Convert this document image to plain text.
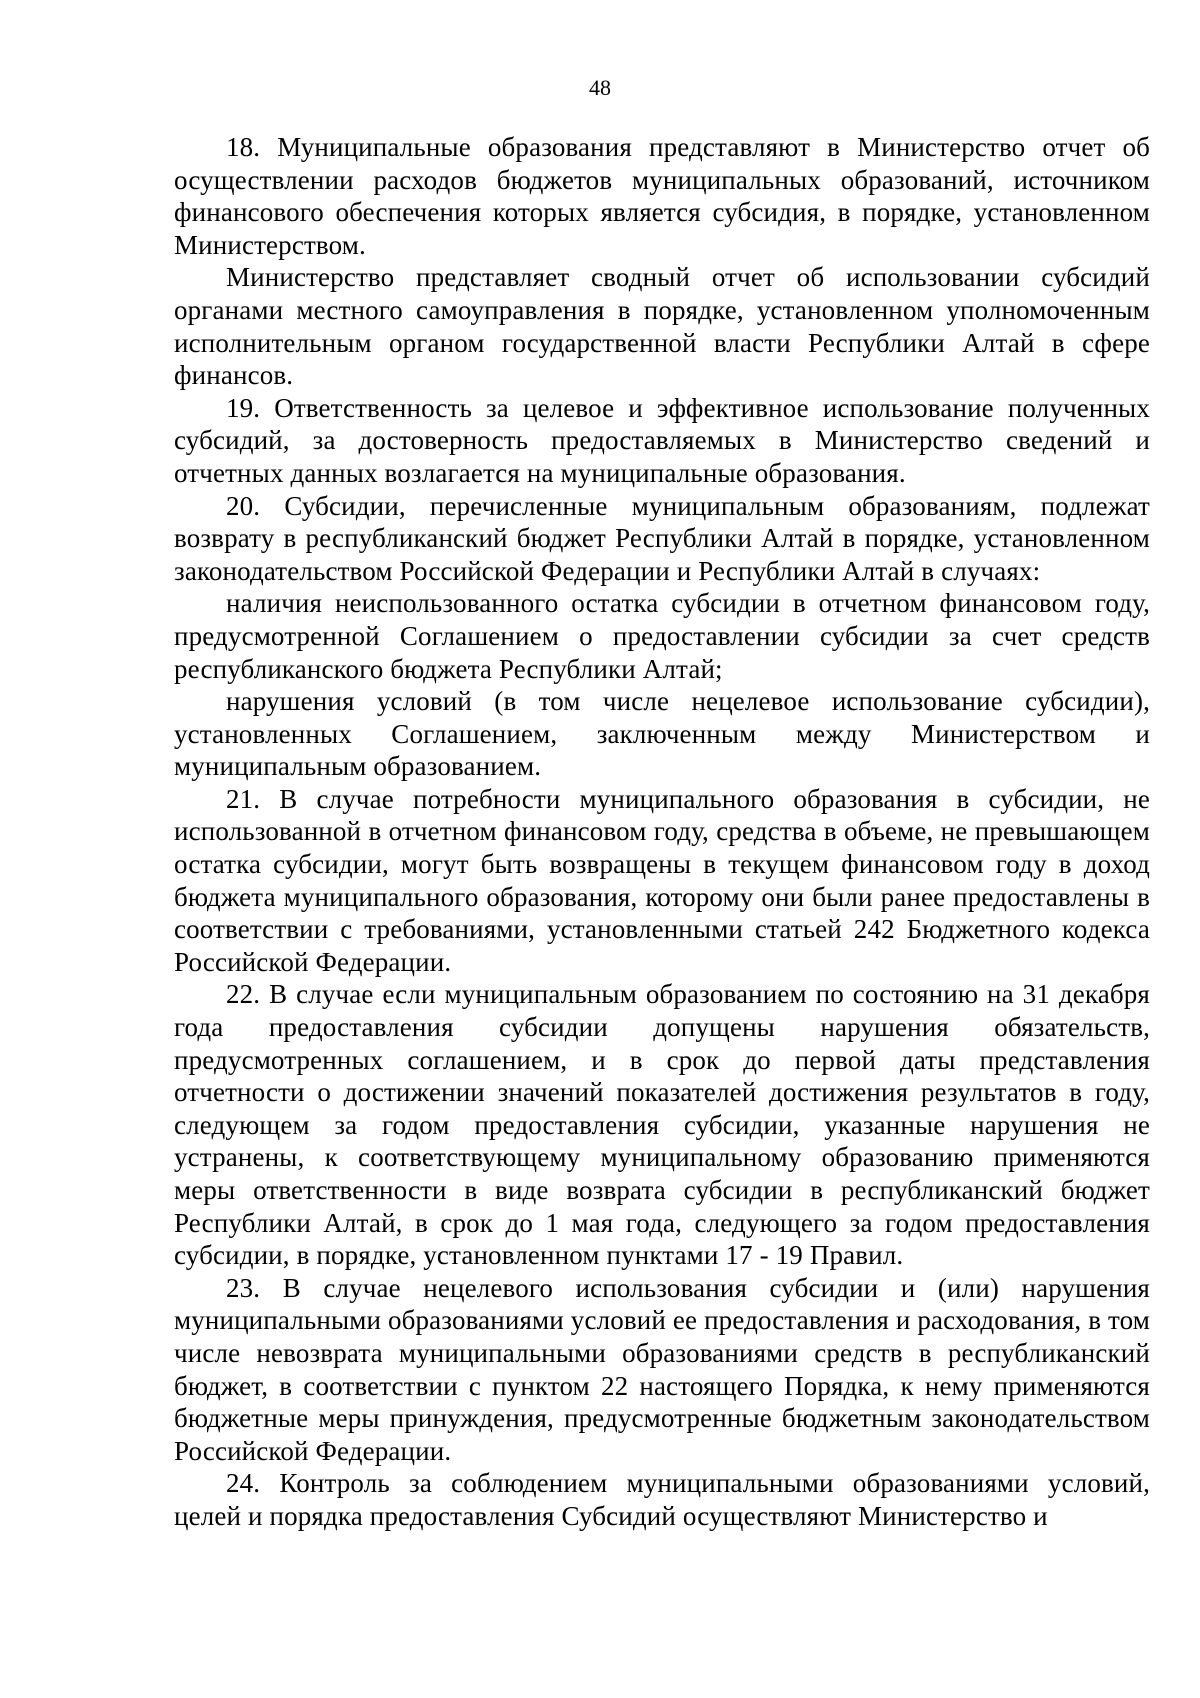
48

18. Муниципальные образования представляют в Министерство отчет об осуществлении расходов бюджетов муниципальных образований, источником финансового обеспечения которых является субсидия, в порядке, установленном Министерством.

Министерство представляет сводный отчет об использовании субсидий органами местного самоуправления в порядке, установленном уполномоченным исполнительным органом государственной власти Республики Алтай в сфере финансов.

19. Ответственность за целевое и эффективное использование полученных субсидий, за достоверность предоставляемых в Министерство сведений и отчетных данных возлагается на муниципальные образования.

20. Субсидии, перечисленные муниципальным образованиям, подлежат возврату в республиканский бюджет Республики Алтай в порядке, установленном законодательством Российской Федерации и Республики Алтай в случаях:

наличия неиспользованного остатка субсидии в отчетном финансовом году, предусмотренной Соглашением о предоставлении субсидии за счет средств республиканского бюджета Республики Алтай;

нарушения условий (в том числе нецелевое использование субсидии), установленных Соглашением, заключенным между Министерством и муниципальным образованием.

21. В случае потребности муниципального образования в субсидии, не использованной в отчетном финансовом году, средства в объеме, не превышающем остатка субсидии, могут быть возвращены в текущем финансовом году в доход бюджета муниципального образования, которому они были ранее предоставлены в соответствии с требованиями, установленными статьей 242 Бюджетного кодекса Российской Федерации.

22. В случае если муниципальным образованием по состоянию на 31 декабря года предоставления субсидии допущены нарушения обязательств, предусмотренных соглашением, и в срок до первой даты представления отчетности о достижении значений показателей достижения результатов в году, следующем за годом предоставления субсидии, указанные нарушения не устранены, к соответствующему муниципальному образованию применяются меры ответственности в виде возврата субсидии в республиканский бюджет Республики Алтай, в срок до 1 мая года, следующего за годом предоставления субсидии, в порядке, установленном пунктами 17 - 19 Правил.

23. В случае нецелевого использования субсидии и (или) нарушения муниципальными образованиями условий ее предоставления и расходования, в том числе невозврата муниципальными образованиями средств в республиканский бюджет, в соответствии с пунктом 22 настоящего Порядка, к нему применяются бюджетные меры принуждения, предусмотренные бюджетным законодательством Российской Федерации.

24. Контроль за соблюдением муниципальными образованиями условий, целей и порядка предоставления Субсидий осуществляют Министерство и
